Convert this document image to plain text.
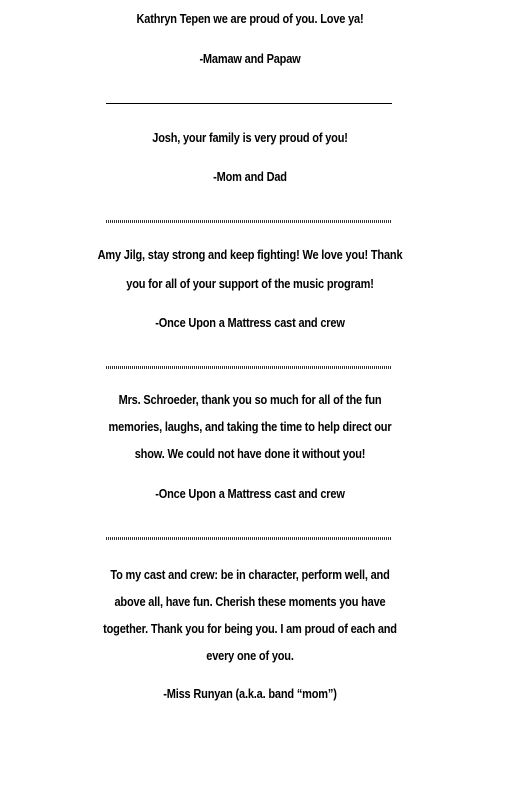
Kathryn Tepen we are proud of you. Love ya!
-Mamaw and Papaw
Josh, your family is very proud of you!
-Mom and Dad
Amy Jilg, stay strong and keep fighting! We love you! Thank
you for all of your support of the music program!
-Once Upon a Mattress cast and crew
Mrs. Schroeder, thank you so much for all of the fun
memories, laughs, and taking the time to help direct our
show. We could not have done it without you!
-Once Upon a Mattress cast and crew
To my cast and crew: be in character, perform well, and
above all, have fun. Cherish these moments you have
together. Thank you for being you. I am proud of each and
every one of you.
-Miss Runyan (a.k.a. band “mom”)
